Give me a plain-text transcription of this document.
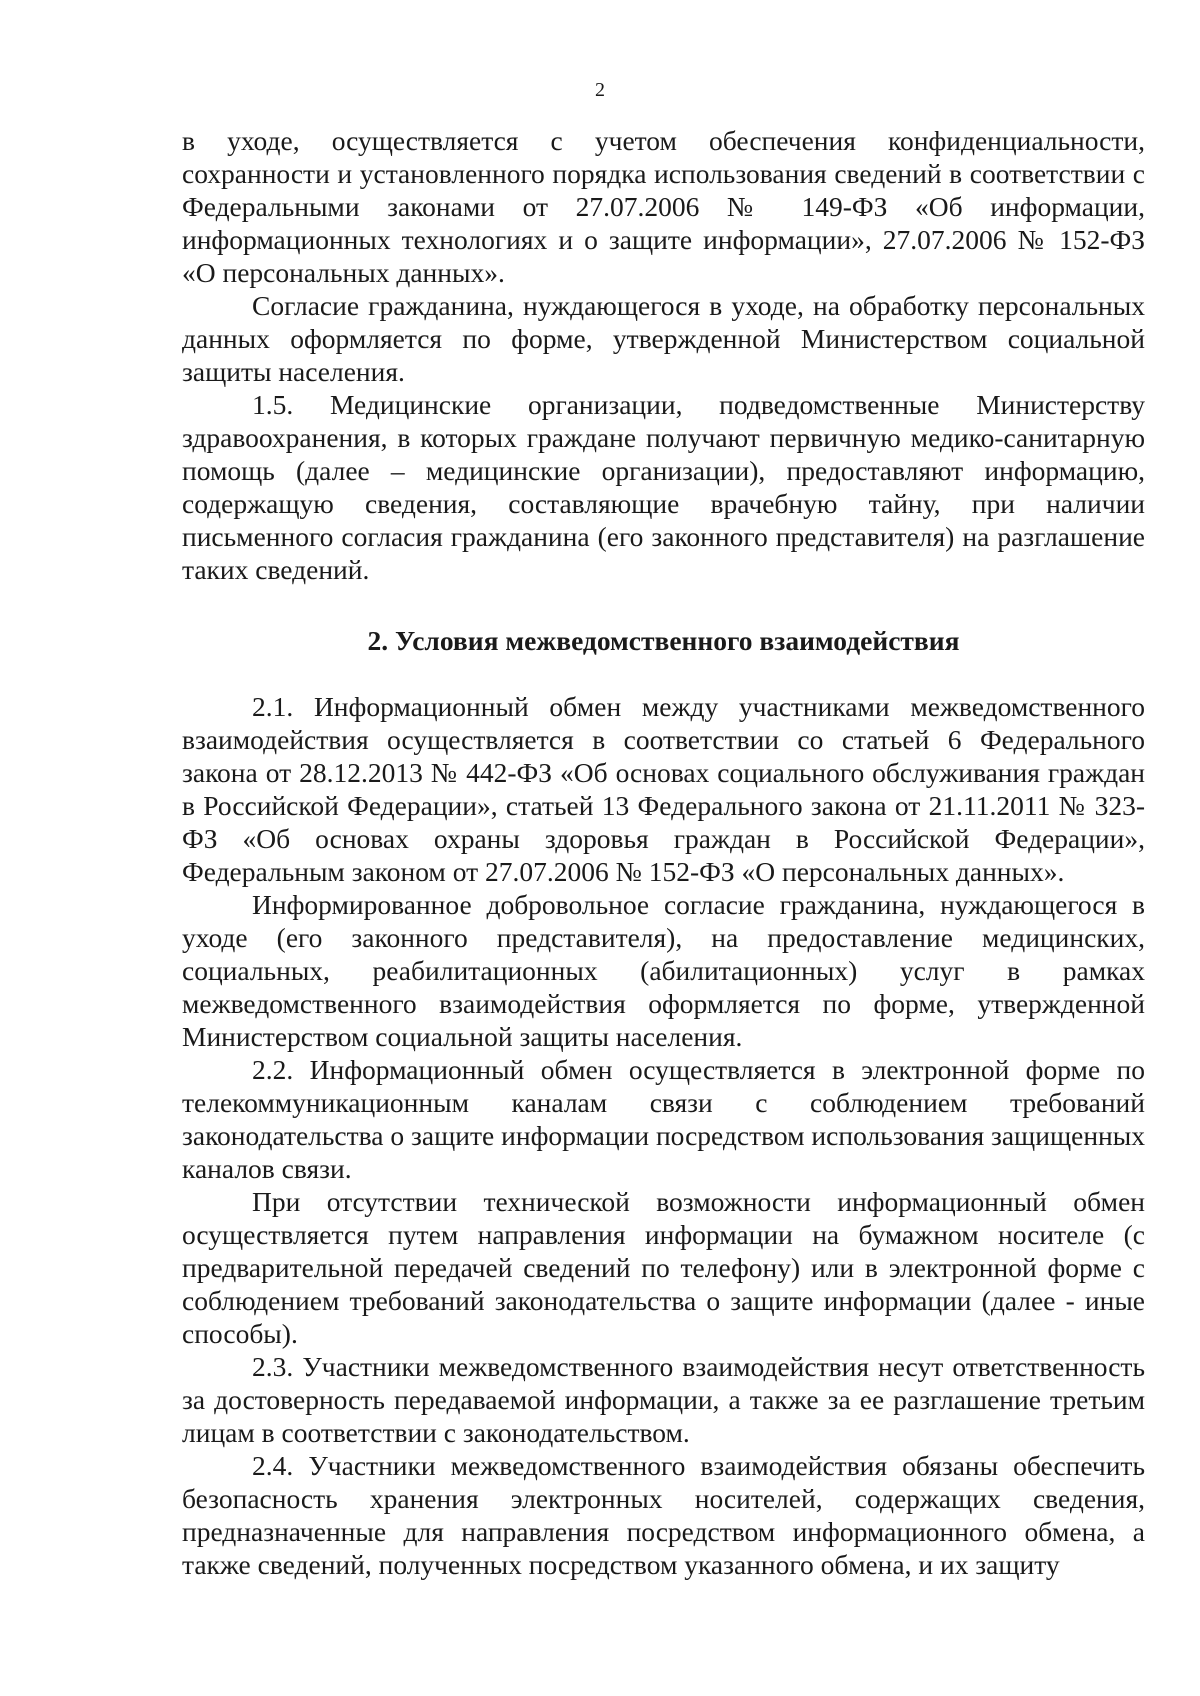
2

в уходе, осуществляется с учетом обеспечения конфиденциальности, сохранности и установленного порядка использования сведений в соответствии с Федеральными законами от 27.07.2006 № 149-ФЗ «Об информации, информационных технологиях и о защите информации», 27.07.2006 № 152-ФЗ «О персональных данных».

Согласие гражданина, нуждающегося в уходе, на обработку персональных данных оформляется по форме, утвержденной Министерством социальной защиты населения.

1.5. Медицинские организации, подведомственные Министерству здравоохранения, в которых граждане получают первичную медико-санитарную помощь (далее – медицинские организации), предоставляют информацию, содержащую сведения, составляющие врачебную тайну, при наличии письменного согласия гражданина (его законного представителя) на разглашение таких сведений.

2. Условия межведомственного взаимодействия

2.1. Информационный обмен между участниками межведомственного взаимодействия осуществляется в соответствии со статьей 6 Федерального закона от 28.12.2013 № 442-ФЗ «Об основах социального обслуживания граждан в Российской Федерации», статьей 13 Федерального закона от 21.11.2011 № 323-ФЗ «Об основах охраны здоровья граждан в Российской Федерации», Федеральным законом от 27.07.2006 № 152-ФЗ «О персональных данных».

Информированное добровольное согласие гражданина, нуждающегося в уходе (его законного представителя), на предоставление медицинских, социальных, реабилитационных (абилитационных) услуг в рамках межведомственного взаимодействия оформляется по форме, утвержденной Министерством социальной защиты населения.

2.2. Информационный обмен осуществляется в электронной форме по телекоммуникационным каналам связи с соблюдением требований законодательства о защите информации посредством использования защищенных каналов связи.

При отсутствии технической возможности информационный обмен осуществляется путем направления информации на бумажном носителе (с предварительной передачей сведений по телефону) или в электронной форме с соблюдением требований законодательства о защите информации (далее - иные способы).

2.3. Участники межведомственного взаимодействия несут ответственность за достоверность передаваемой информации, а также за ее разглашение третьим лицам в соответствии с законодательством.

2.4. Участники межведомственного взаимодействия обязаны обеспечить безопасность хранения электронных носителей, содержащих сведения, предназначенные для направления посредством информационного обмена, а также сведений, полученных посредством указанного обмена, и их защиту
